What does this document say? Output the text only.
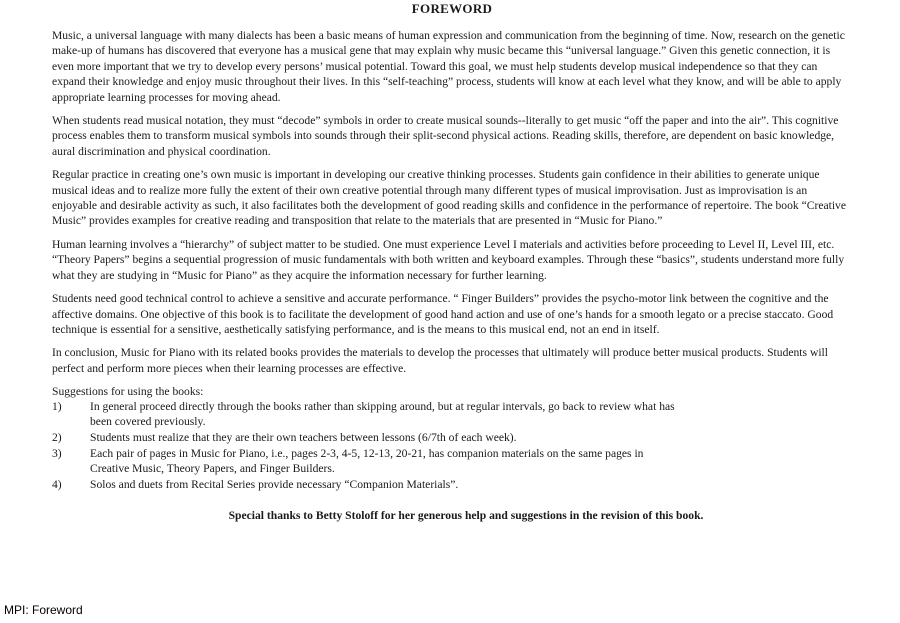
FOREWORD

Music, a universal language with many dialects has been a basic means of human expression and communication from the beginning of time. Now, research on the genetic make-up of humans has discovered that everyone has a musical gene that may explain why music became this “universal language.” Given this genetic connection, it is even more important that we try to develop every persons’ musical potential. Toward this goal, we must help students develop musical independence so that they can expand their knowledge and enjoy music throughout their lives. In this “self-teaching” process, students will know at each level what they know, and will be able to apply appropriate learning processes for moving ahead.

When students read musical notation, they must “decode” symbols in order to create musical sounds--literally to get music “off the paper and into the air”. This cognitive process enables them to transform musical symbols into sounds through their split-second physical actions. Reading skills, therefore, are dependent on basic knowledge, aural discrimination and physical coordination.

Regular practice in creating one’s own music is important in developing our creative thinking processes. Students gain confidence in their abilities to generate unique musical ideas and to realize more fully the extent of their own creative potential through many different types of musical improvisation. Just as improvisation is an enjoyable and desirable activity as such, it also facilitates both the development of good reading skills and confidence in the performance of repertoire. The book “Creative Music” provides examples for creative reading and transposition that relate to the materials that are presented in “Music for Piano.”

Human learning involves a “hierarchy” of subject matter to be studied. One must experience Level I materials and activities before proceeding to Level II, Level III, etc. “Theory Papers” begins a sequential progression of music fundamentals with both written and keyboard examples. Through these “basics”, students understand more fully what they are studying in “Music for Piano” as they acquire the information necessary for further learning.

Students need good technical control to achieve a sensitive and accurate performance. “ Finger Builders” provides the psycho-motor link between the cognitive and the affective domains. One objective of this book is to facilitate the development of good hand action and use of one’s hands for a smooth legato or a precise staccato. Good technique is essential for a sensitive, aesthetically satisfying performance, and is the means to this musical end, not an end in itself.

In conclusion, Music for Piano with its related books provides the materials to develop the processes that ultimately will produce better musical products. Students will perfect and perform more pieces when their learning processes are effective.

Suggestions for using the books:
1)	In general proceed directly through the books rather than skipping around, but at regular intervals, go back to review what has been covered previously.
2)	Students must realize that they are their own teachers between lessons (6/7th of each week).
3)	Each pair of pages in Music for Piano, i.e., pages 2-3, 4-5, 12-13, 20-21, has companion materials on the same pages in Creative Music, Theory Papers, and Finger Builders.
4)	Solos and duets from Recital Series provide necessary “Companion Materials”.
Special thanks to Betty Stoloff for her generous help and suggestions in the revision of this book.
MPI: Foreword
